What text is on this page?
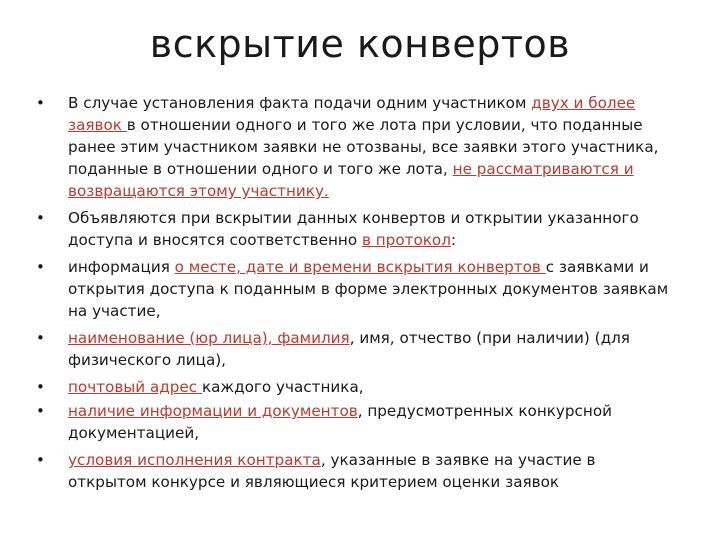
вскрытие конвертов
• В случае установления факта подачи одним участником двух и более заявок в отношении одного и того же лота при условии, что поданные ранее этим участником заявки не отозваны, все заявки этого участника, поданные в отношении одного и того же лота, не рассматриваются и возвращаются этому участнику.
• Объявляются при вскрытии данных конвертов и открытии указанного доступа и вносятся соответственно в протокол:
• информация о месте, дате и времени вскрытия конвертов с заявками и открытия доступа к поданным в форме электронных документов заявкам на участие,
• наименование (юр лица), фамилия, имя, отчество (при наличии) (для физического лица),
• почтовый адрес каждого участника,
• наличие информации и документов, предусмотренных конкурсной документацией,
• условия исполнения контракта, указанные в заявке на участие в открытом конкурсе и являющиеся критерием оценки заявок
